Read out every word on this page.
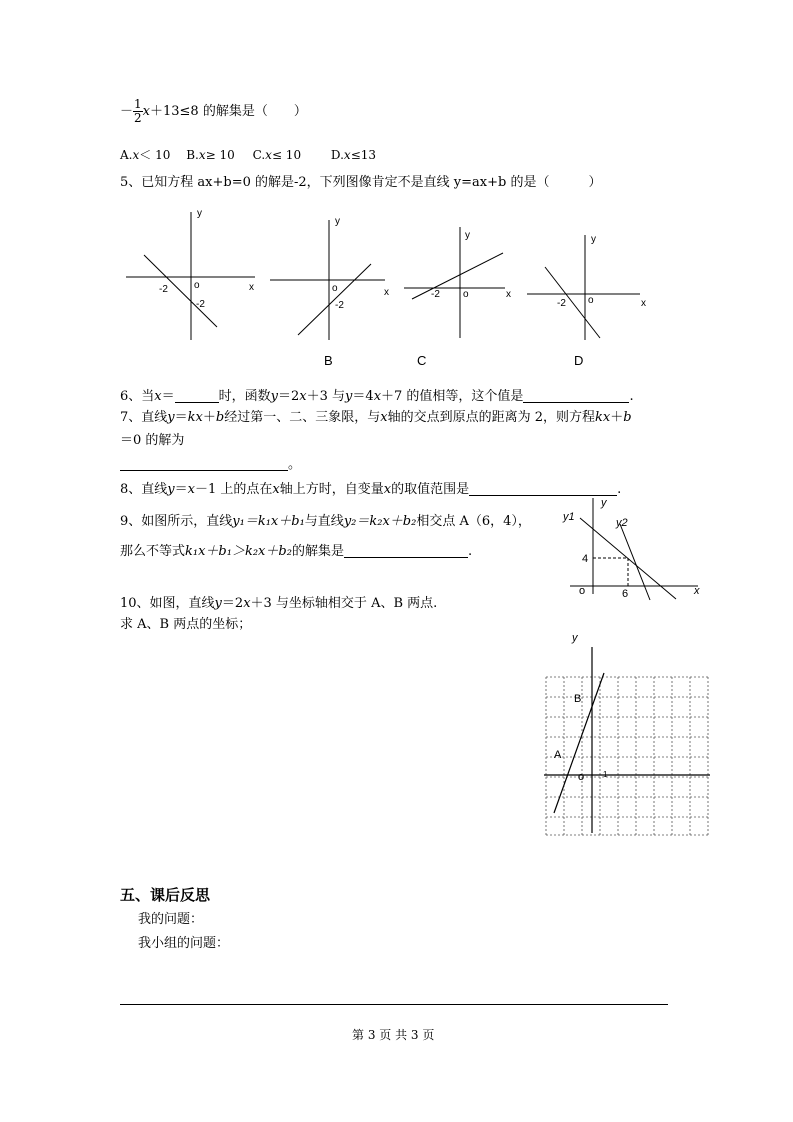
－ $\frac{1}{2} x+13\le 8$ 的解集是（　　）
A.x＜ 10 B.x≥ 10 C.x≤ 10 D.x≤13
5、已知方程 ax+b=0 的解是-2，下列图像肯定不是直线 y=ax+b 的是（　　　）
y
x
o
-2
-2
y
x
o
-2
y
x
o
-2
y
x
o
-2
B	C	D
6、当x＝	时，函数y＝2x＋3 与y＝4x＋7 的值相等，这个值是	.
7、直线y＝kx＋b经过第一、二、三象限，与x轴的交点到原点的距离为 2，则方程kx＋b
＝0 的解为
。
8、直线y＝x－1 上的点在x轴上方时，自变量x的取值范围是	.
9、如图所示，直线y₁＝k₁x＋b₁与直线y₂＝k₂x＋b₂相交点 A（6，4），
那么不等式k₁x＋b₁＞k₂x＋b₂的解集是	.
y1	y2
y
x
o
4
6
10、如图，直线y＝2x＋3 与坐标轴相交于 A、B 两点.
求 A、B 两点的坐标；
y
B
A
o 1
五、课后反思
我的问题：
我小组的问题：
第 3 页 共 3 页
